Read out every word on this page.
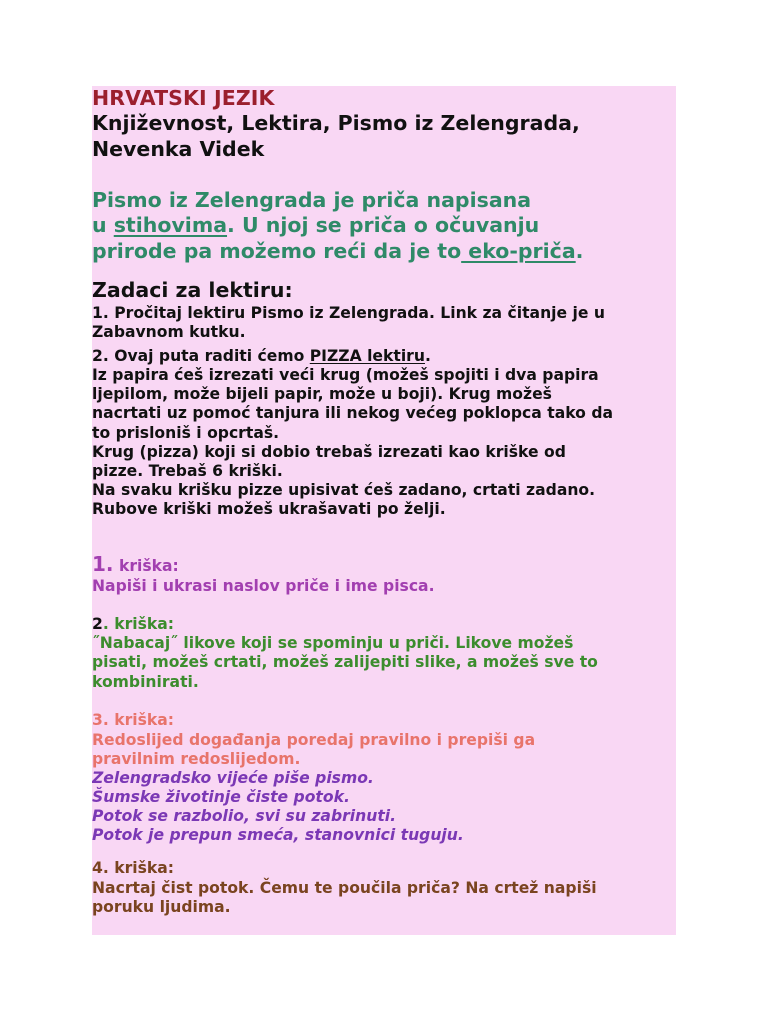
HRVATSKI JEZIK
Književnost, Lektira, Pismo iz Zelengrada,
Nevenka Videk
Pismo iz Zelengrada je priča napisana
u stihovima. U njoj se priča o očuvanju
prirode pa možemo reći da je to eko-priča.
Zadaci za lektiru:
1. Pročitaj lektiru Pismo iz Zelengrada. Link za čitanje je u
Zabavnom kutku.
2. Ovaj puta raditi ćemo PIZZA lektiru.
Iz papira ćeš izrezati veći krug (možeš spojiti i dva papira
ljepilom, može bijeli papir, može u boji). Krug možeš
nacrtati uz pomoć tanjura ili nekog većeg poklopca tako da
to prisloniš i opcrtaš.
Krug (pizza) koji si dobio trebaš izrezati kao kriške od
pizze. Trebaš 6 kriški.
Na svaku krišku pizze upisivat ćeš zadano, crtati zadano.
Rubove kriški možeš ukrašavati po želji.
1. kriška:
Napiši i ukrasi naslov priče i ime pisca.
2. kriška:
˝Nabacaj˝ likove koji se spominju u priči. Likove možeš
pisati, možeš crtati, možeš zalijepiti slike, a možeš sve to
kombinirati.
3. kriška:
Redoslijed događanja poredaj pravilno i prepiši ga
pravilnim redoslijedom.
Zelengradsko vijeće piše pismo.
Šumske životinje čiste potok.
Potok se razbolio, svi su zabrinuti.
Potok je prepun smeća, stanovnici tuguju.
4. kriška:
Nacrtaj čist potok. Čemu te poučila priča? Na crtež napiši
poruku ljudima.
